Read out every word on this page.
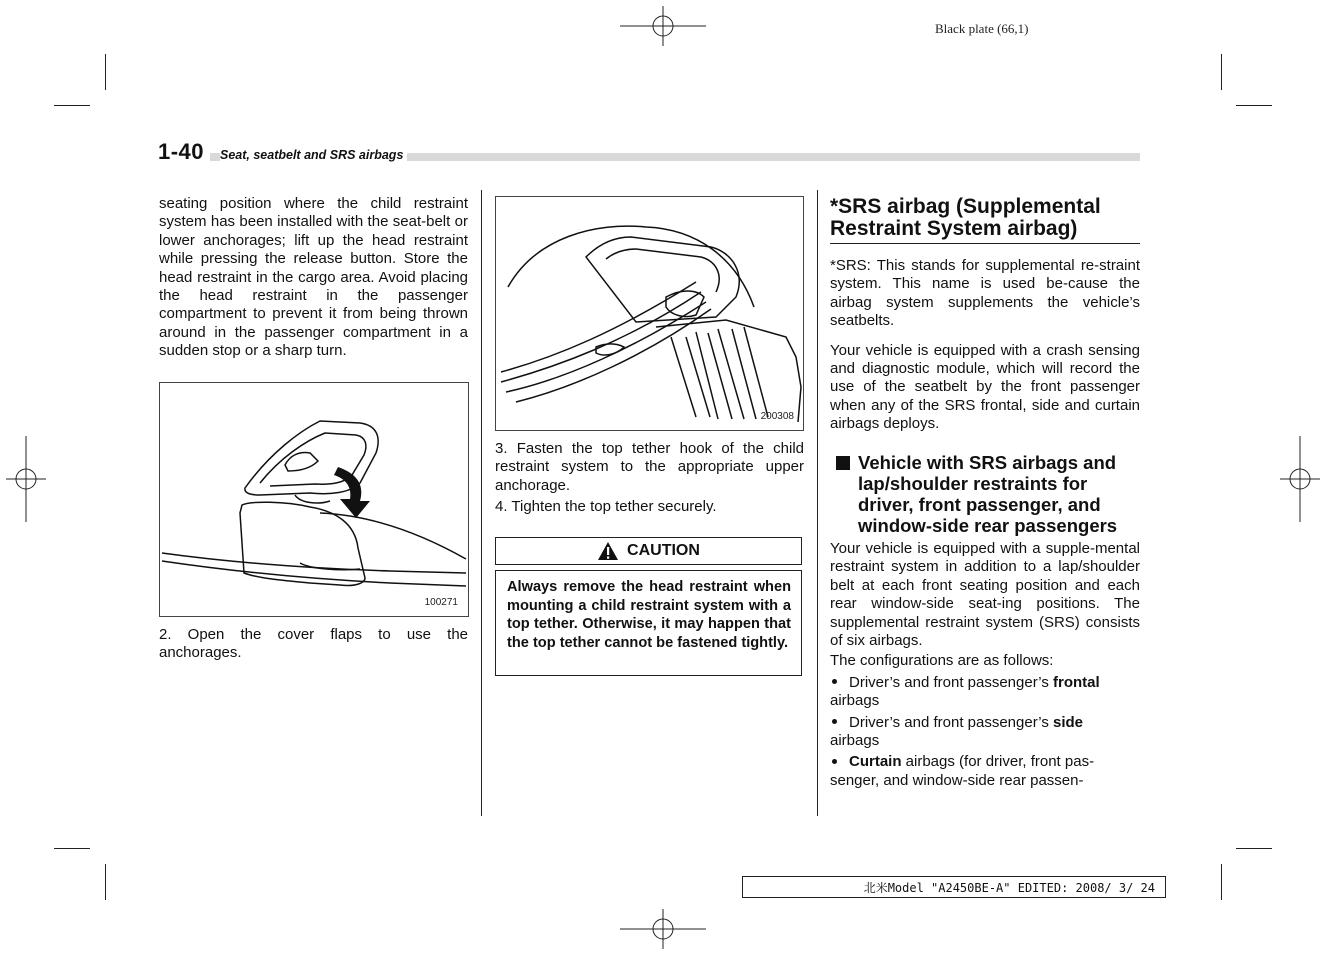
Black plate (66,1)
1-40	Seat, seatbelt and SRS airbags

seating position where the child restraint system has been installed with the seat-belt or lower anchorages; lift up the head restraint while pressing the release button. Store the head restraint in the cargo area. Avoid placing the head restraint in the passenger compartment to prevent it from being thrown around in the passenger compartment in a sudden stop or a sharp turn.

100271

2. Open the cover flaps to use the anchorages.

200308

3. Fasten the top tether hook of the child restraint system to the appropriate upper anchorage.

4. Tighten the top tether securely.

CAUTION
Always remove the head restraint when mounting a child restraint system with a top tether. Otherwise, it may happen that the top tether cannot be fastened tightly.
*SRS airbag (Supplemental Restraint System airbag)

*SRS: This stands for supplemental re-straint system. This name is used be-cause the airbag system supplements the vehicle’s seatbelts.

Your vehicle is equipped with a crash sensing and diagnostic module, which will record the use of the seatbelt by the front passenger when any of the SRS frontal, side and curtain airbags deploys.

Vehicle with SRS airbags and lap/shoulder restraints for driver, front passenger, and window-side rear passengers

Your vehicle is equipped with a supple-mental restraint system in addition to a lap/shoulder belt at each front seating position and each rear window-side seat-ing positions. The supplemental restraint system (SRS) consists of six airbags.

The configurations are as follows:

Driver’s and front passenger’s frontal
airbags

Driver’s and front passenger’s side
airbags

Curtain airbags (for driver, front pas-
senger, and window-side rear passen-

北米Model "A2450BE-A" EDITED: 2008/ 3/ 24
